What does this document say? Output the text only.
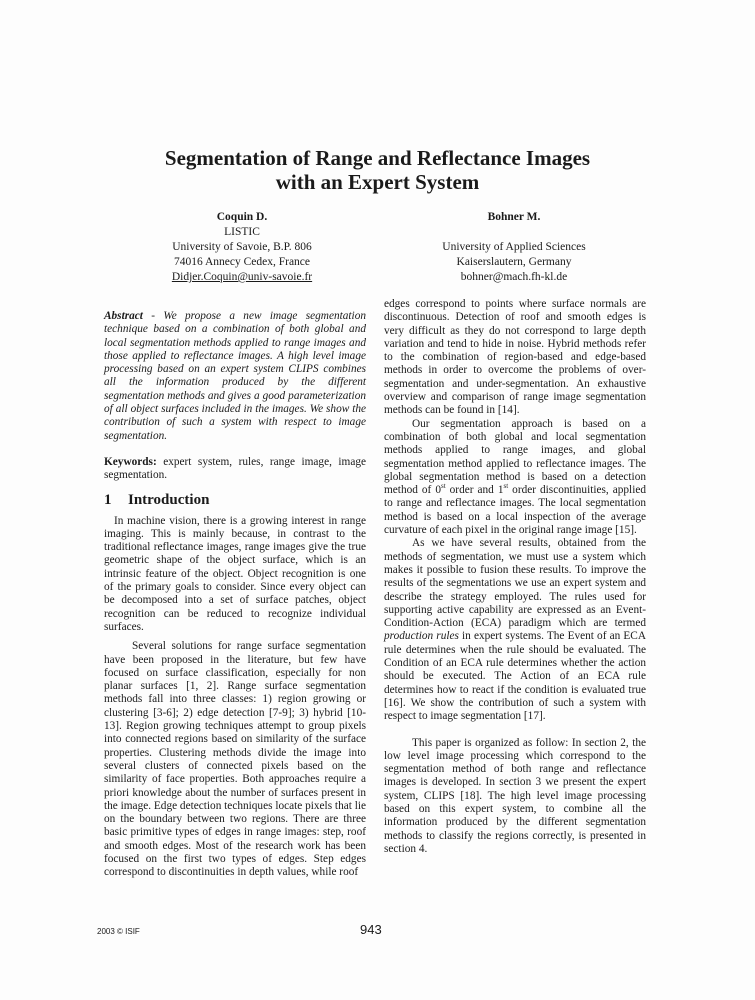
Segmentation of Range and Reflectance Images
with an Expert System
Coquin D.
LISTIC
University of Savoie, B.P. 806
74016 Annecy Cedex, France
Didjer.Coquin@univ-savoie.fr
Bohner M.

University of Applied Sciences
Kaiserslautern, Germany
bohner@mach.fh-kl.de

Abstract - We propose a new image segmentation technique based on a combination of both global and local segmentation methods applied to range images and those applied to reflectance images. A high level image processing based on an expert system CLIPS combines all the information produced by the different segmentation methods and gives a good parameterization of all object surfaces included in the images. We show the contribution of such a system with respect to image segmentation.

Keywords: expert system, rules, range image, image segmentation.

1 Introduction

In machine vision, there is a growing interest in range imaging. This is mainly because, in contrast to the traditional reflectance images, range images give the true geometric shape of the object surface, which is an intrinsic feature of the object. Object recognition is one of the primary goals to consider. Since every object can be decomposed into a set of surface patches, object recognition can be reduced to recognize individual surfaces.

Several solutions for range surface segmentation have been proposed in the literature, but few have focused on surface classification, especially for non planar surfaces [1, 2]. Range surface segmentation methods fall into three classes: 1) region growing or clustering [3-6]; 2) edge detection [7-9]; 3) hybrid [10-13]. Region growing techniques attempt to group pixels into connected regions based on similarity of the surface properties. Clustering methods divide the image into several clusters of connected pixels based on the similarity of face properties. Both approaches require a priori knowledge about the number of surfaces present in the image. Edge detection techniques locate pixels that lie on the boundary between two regions. There are three basic primitive types of edges in range images: step, roof and smooth edges. Most of the research work has been focused on the first two types of edges. Step edges correspond to discontinuities in depth values, while roof

edges correspond to points where surface normals are discontinuous. Detection of roof and smooth edges is very difficult as they do not correspond to large depth variation and tend to hide in noise. Hybrid methods refer to the combination of region-based and edge-based methods in order to overcome the problems of over-segmentation and under-segmentation. An exhaustive overview and comparison of range image segmentation methods can be found in [14].

Our segmentation approach is based on a combination of both global and local segmentation methods applied to range images, and global segmentation method applied to reflectance images. The global segmentation method is based on a detection method of 0st order and 1st order discontinuities, applied to range and reflectance images. The local segmentation method is based on a local inspection of the average curvature of each pixel in the original range image [15].

As we have several results, obtained from the methods of segmentation, we must use a system which makes it possible to fusion these results. To improve the results of the segmentations we use an expert system and describe the strategy employed. The rules used for supporting active capability are expressed as an Event-Condition-Action (ECA) paradigm which are termed production rules in expert systems. The Event of an ECA rule determines when the rule should be evaluated. The Condition of an ECA rule determines whether the action should be executed. The Action of an ECA rule determines how to react if the condition is evaluated true [16]. We show the contribution of such a system with respect to image segmentation [17].

This paper is organized as follow: In section 2, the low level image processing which correspond to the segmentation method of both range and reflectance images is developed. In section 3 we present the expert system, CLIPS [18]. The high level image processing based on this expert system, to combine all the information produced by the different segmentation methods to classify the regions correctly, is presented in section 4.

2003 © ISIF	943
